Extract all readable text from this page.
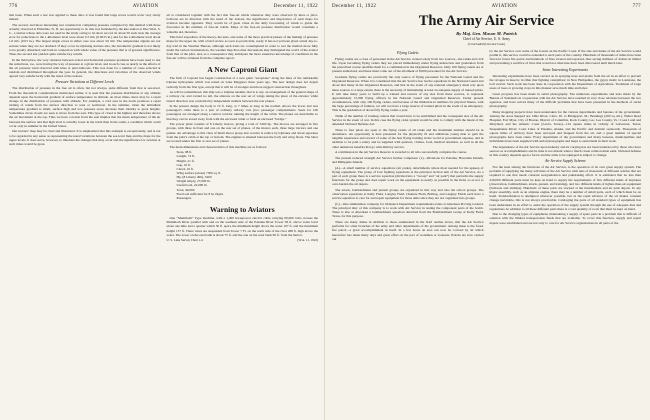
776	AVIATION	December 11, 1922

that none. When such a test was applied to these data, it was found that large errors would occur very rarely indeed.

The second, and more interesting test consisted in comparing pressure computed by this method with those actually observed at Ellendale, N. D. An opportunity to do this was furnished by the kite station at Due West, S. C., a station whose data were not used in the study owing to its short record. In about 50 such tests the average error for reductions to the 1-kilometer level were about 0.5 mb. (0.0015 in.) and for the 2-kilometer level about 1.0 mb. (0.03 in.). The largest single errors in either case was about 3.0 mb. The temperature signals are not serious when they are not doubled. If they occur in adjoining stations also, the barometric gradient is not likely to be greatly disturbed; and both in connection with whole value of the pressure that is of greatest significance. Thus, the second test yielded quite satisfactory results.

In the third place, the very relations between actual and horizontal pressure gradients have been used to test the reductions, too, were having the way of pressure at a given level, and in each case as nearly as the effects of the air pressure wind observed with kites or pilot-balloons. This was done for a number of cases selected at random and distributed throughout the year. In general, the directions and velocities of the observed winds agreed very satisfactorily with the trend of the isobars.

Pressure Variations at Different Levels

The distribution of pressure in the free air is often, but not always, quite different from that at sea-level. From the theoretical considerations mentioned earlier, it is seen that the pressure distribution at any altitude depends upon the horizontal gradient of surface temperature in altitude. At most times, there may be a rapid change in the distribution of pressure with altitude. For example, a cold area in the north produces a rapid turning of winds from the surface direction to west or northwest. In the summer, when the latitudinal temperature gradient is small, surface high and low pressure areas decrease their identity to great heights. Sometimes cirrus clouds are seen to move from the east. This type of cloud is the highest and therefore shows the air movement at the top. Thus we have a notion from the east implies that the mean temperature of the air between the surface and that high level is actually lower in the north than in the south, a condition which could occur only in summer in the United States.

Our isobaric map may be cited and illustrated. It is emphasized that this example is exceptionally, and is not to be regarded in any sense as representing the usual variations between the sea-level map and the maps for the upper levels. It does serve, however, to illustrate the changes that may occur and the significance for aviation at such times would be great.

air is considered together with the fact that free-air winds whenever they were observed by kites or pilot-balloons are in direction with the trend of the isobars, the significance and importance of such maps for aviation become apparent. They would be of great value in the daily forecasting of winds to guide the forecaster in his estimate of free-air winds. Maps of the free-air pressure distribution would constitute a valuable aid, therefore.

This brief exposition of the theory, the tests, and some of the more practical phases of the making of pressure maps for the upper air, with a brief review as soon as practicable, ready. It has not yet been given actual day-to-day trial in the Weather Bureau, although such trials are contemplated in order to test the method more fully under the varied circumstances, the weather map that other discussions may distinguish the world of the aviator from that of the pilot, and, as a consequence they anticipate the more extensive knowledge of conditions in the free-air will be obtained from the complete report.

A New Caproni Giant

The firm of Caproni has begun construction of a new giant “aeroplane” along the lines of the remarkable triplane hydroplane which was tested on Lake Maggiore three years ago. The new design does not depart radically from the first type, except that it will be of stronger and more rugged construction throughout.

As will be remembered, this ship was a triplane tandem, that is to say, an arrangement of the general shape of a railway car, and carried no tail, the ailerons on the rear set of wings taking the place of the elevator while lateral direction was controlled by independent rudders between the rear planes.

In the present design the body is 74 ft. long, or 7 times as long as the normal. Above the lower and rear passenger's cabin there is a pair of ordinary railway cars (two passenger compartments. Seats for 100 passengers are arranged along a central corridor running the length of the cabin. The planes are detachable so that they can be stored away from with the enclosed cabin or form an enclosed “bridge.”

The power plant consists of 8 Liberty motors, giving a total of 3200 hp. The motors are arranged in five groups, with three in front and one on the rear set of planes, of the motors each, three large tractors and one pusher. An advantage to this class of multi motor group also receive is reduce by triplanes and about separates from the pilot's cabin at the top or bottom. The engines is situated between the body and wing floats. The latter are located under the first or rear set of planes.

The main dimensions and characteristics of this machine are as follows:

Span, 98 ft.
Length, 74 ft.
Height, 21 ft.
Gap, 10 ft.
Chord, 10 ft.
Wing surface (about) 7500 sq. ft.
Hp. (8 Liberty 400), 3200
Weight empty, 27,000 lb.
Useful load, 22,000 lb.
Total, 49,000
Fuel load sufficient for 8 hr. flight.
Passengers
Warning to Aviators

One “Mammoth” Type machine, with a 1,400 horsepower electric cable carrying 60,000 volts crosses the Mammoth River parallel with and on the southern side of the Panama River Tower 58 ft. above water level about one mile and a quarter which 50 ft. apart, the minimum height above the water 107 ft. and the maximum height 137 ft. There wires are suspended from Tower 7 Ft. on the north side of the river 288 ft. high above the water. The tower on the east bank is about 75 ft. and the one on the west bank 90 ft. from the harbor.

U. S. Lake Survey Chart 1-4	(W.A. 11, 1922)
December 11, 1922	AVIATION	777
The Army Air Service
By Maj. Gen. Mason M. Patrick
Chief of Air Service, U. S. Army
(Concluded from last issue)
Flying Cadets

Flying cadets are a class of personnel in the Air Service created solely from two sources—the ranks and civil life. Upon becoming flying cadets they are placed immediately under flying instruction and graduation from the prescribed course qualifies them for a commission in the Organized Reserves. Only 100 flying cadets are at present authorized, and these must come out of the allotment of 8,000 personnel for the Air Service.

Graduate flying cadets are practically the only source of flying personnel for the National Guard and the Organized Reserves. When it is considered that the Air Service has twelve squadrons in the National Guard and about that many in the Organized Reserves, and that in the event of any national emergency must rely upon these sources to a large extent, there is the necessity of maintaining at least an adequate supply of trained pilots. It will take many years to build up a trained and reserve of any size from these sources, to represent approximately 15,000 flying officers in the National Guard and Organized Reserves. Under present circumstances, with only 100 flying cadets, and because of the limitation in numbers for physical fitness, with the large percentage of failures, we will not have a large reserve of trained pilots in the event of an emergency. This is the graduation of about fifty flying cadets a year.

Think of the number of training centers that would have to be established and the consequent size of the Air Service in the event of war. In this case the flying cadet system would be able to comply with the intent of the amended National Defense Act.

Three to four pilots are open to the flying cadets of all ranks and the maximum number should be in attendance. An opportunity is here presented for the physically fit and ambitious young man to gain the tangible experience and reward of some of the best flying training in the world at government expense, and in addition to be paid a salary and be supplied with quarters, clothes, food, medical attention, as well as all the other numerous benefits that go with military service.

A commission in the Air Service Reserve is awarded to all who successfully complete the course.

The present reduced strength Air Service further comprises: (1)—Divisions for Panama, Hawaiian Islands, and Philippine Islands.

(A)—A small number of service squadrons (air parks), detachments where most needed for the upkeep of flying equipment. The group of four fighting squadrons is the principal tactical unit of the Air Service. As a part of each group there is a service squadron (divided into a “Group” and “air park”) that performs the supply functions for the group and does repair work on the equipment as nearly as possible in the field, so as not to over-burden the air depots.

The attack, bombardment and pursuit groups are organized in this way and also the school groups. The observation squadrons at Kelly Field, Langley Field, Chanute Field, Bolling, and Langley Fields each have a service squadron to care for and repair equipment for those units since they are not organized into groups.

(C)—One ammunition company for Ordnance Department requirements exists at Aberdeen Proving Ground. The principal duty of this company is to work with Air Service in testing the component parts of the bomb. There is also at Aberdeen a bombardment squadron detached from the Bombardment Group at Kelly Field, Texas, for this purpose.

There are many duties in addition to those enumerated in the brief outline above, that the Air Service performs for other branches of the army and other departments of the government. Among these is the forest fire patrol—a great accomplishment in itself. In a few hours an area can now be covered by air which heretofore has taken many days and great effort on the part of workmen or lookouts. Patrols are now carried out

by the Air Service over some of the forests on the Pacific Coast. If the size and duties of the Air Service would permit it, this service could be extended to such parts of the country. Hundreds of thousands of miles have been flown in forest fire patrol and hundreds of fires located and reported, thus saving millions of dollars in timber and preventing a sacrifice of lives that would not otherwise have been discovered until much later.

Some Interesting Experiments

Interesting experiments have been carried on in spraying trees and plants from the air in an effort to prevent the ravages in insects; in Ohio that fighting caterpillars; in New Hampshire, the gypsy moth; in Louisiana, the boll weevil. Such work has been done in cooperation with the Department of Agriculture. Treatment of large areas of trees or growing crops in this manner save much time and labor.

Great progress has been made in aerial photography. The numerous experiments and tests made by the Bureau of Standards in cooperation with the Air Service have resulted in very close relations between the two agencies, and have solved many of the difficult problems that have been presented in the methods of aerial photography.

Many mapping projects have been undertaken for the various departments and bureaus of the government. Among the areas mapped are: Ohio River, Cairo, Ill. to Bridgeport, Ill.; Bennings (200 sq. mi.), Walter Reed Hospital, Fort Myer, City of Boston, District of Columbia, Rock County, Ga.; Lee County, Va.; Coast Land and Maryland, and the Atlantic Coast (Lewis, Texas)—191 square miles in vicinity of Galveston, Texas; Susquehanna River; Coast Lines of Panama, Alaska, and the Pacific and Atlantic seaboards. Thousands of square miles of territory have been surveyed and mapped from the air, and a great number of special photographs have been taken. Every department of the government and many bureaus, municipalities and individuals have been supplied with aerial photographs and maps to assist them in their work.

The dependence of the Air Service upon industry and its varying has not been understood by those who have seen us as accomplishments and its time is not distant when a much closer relation must exist. National defense in this country depends upon a factor and the arms to be equipped is subject to change.

Air Service Supply Scheme

Not the least among the functions of the Air Service, is the operation of its own great supply system. The problem of supplying the many activities of the Air Service with tens of thousands of different articles that are required is one that needs constant reorganization and painstaking effort. It is estimated that no less than 220,000 different parts must be kept on hand to supply the requirements of five different kinds of airplanes (observation, bombardment, attack, pursuit, and training), and two different kinds of lighter-than-air equipment (balloons and airships). Hundreds of these parts are stocked at the intermediate and air park depots. In any major assembly, such as an airplane engine, there may be a number of small parts, each of which must be on hand. Standardization is attempted wherever possible, but as the rapid advance of the art makes constant change inevitable, this is not always practicable. Cataloging the parts of all standard types of equipment has been undertaken in an effort to assist the operation of the supply system through the use of adequate lists and regulations. In addition to all these different parts there is a vast quantity of tools that must be kept on hand.

Due to the changing types of equipment, maintaining a supply of spare parts in a problem that is difficult of solution with the limited transportation funds that are available. To cover this function, supply and repair depots were established and are not only to care for Air Service organizations in all parts of the
